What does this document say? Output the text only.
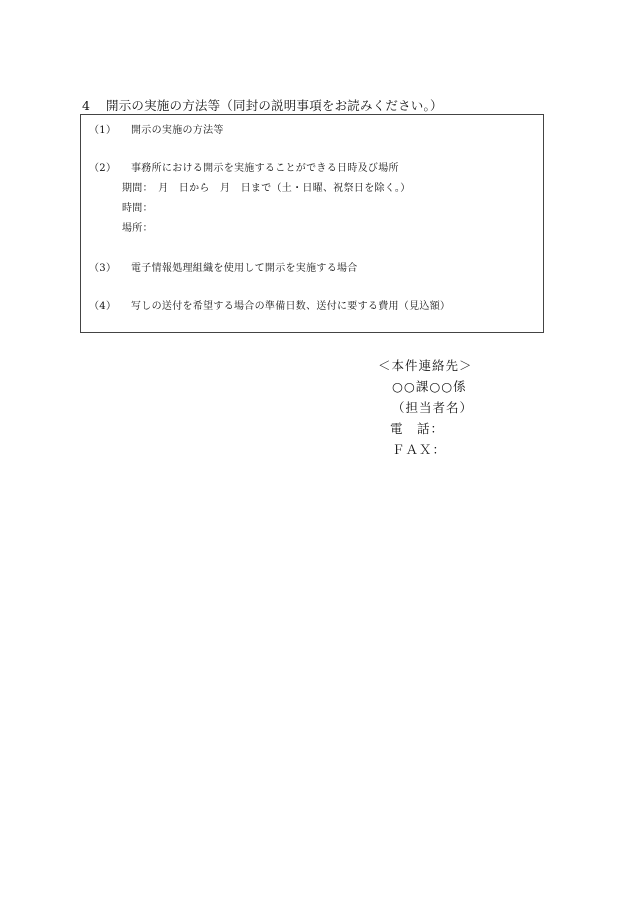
4 開示の実施の方法等（同封の説明事項をお読みください。）
（1） 開示の実施の方法等
（2） 事務所における開示を実施することができる日時及び場所
期間：　月　日から　月　日まで（土・日曜、祝祭日を除く。）
時間：
場所：
（3） 電子情報処理組織を使用して開示を実施する場合
（4） 写しの送付を希望する場合の準備日数、送付に要する費用（見込額）
＜本件連絡先＞
○○課○○係
（担当者名）
電　話：
ＦＡＸ：
